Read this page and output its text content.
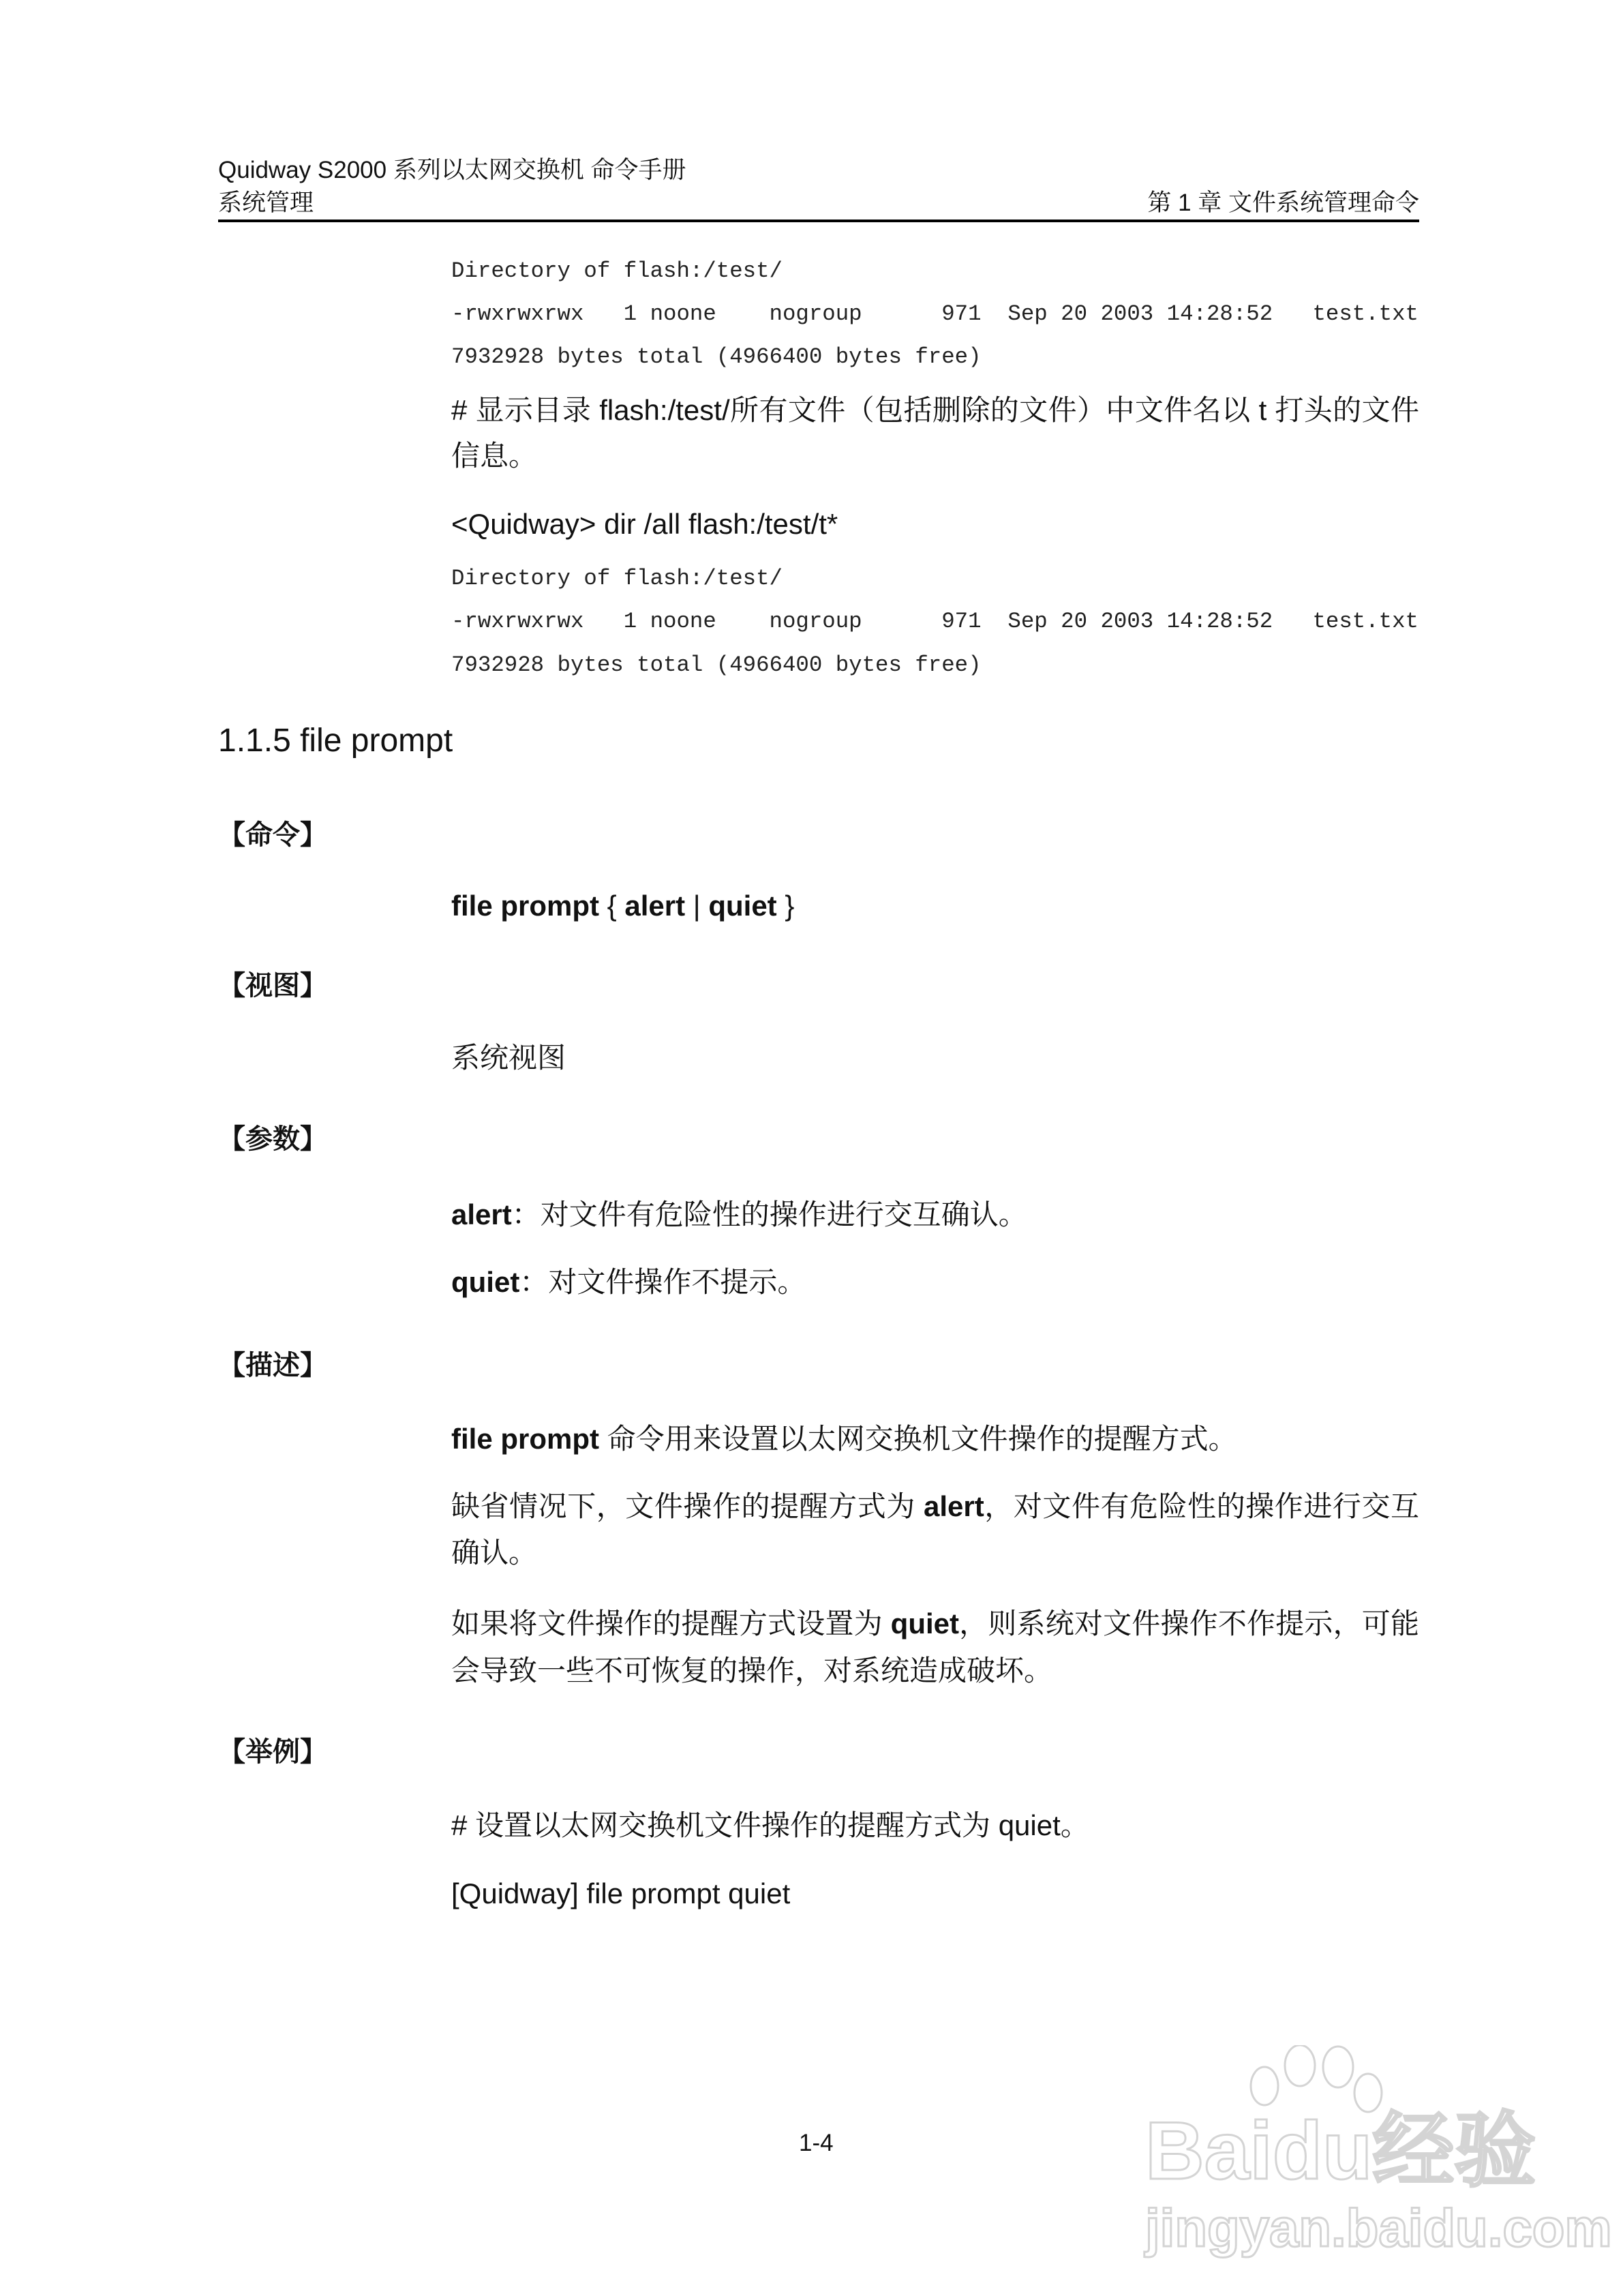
Quidway S2000 系列以太网交换机 命令手册
系统管理	第 1 章 文件系统管理命令
Directory of flash:/test/
-rwxrwxrwx   1 noone    nogroup      971  Sep 20 2003 14:28:52   test.txt
7932928 bytes total (4966400 bytes free)
# 显示目录 flash:/test/所有文件（包括删除的文件）中文件名以 t 打头的文件
信息。
<Quidway> dir /all flash:/test/t*
Directory of flash:/test/
-rwxrwxrwx   1 noone    nogroup      971  Sep 20 2003 14:28:52   test.txt
7932928 bytes total (4966400 bytes free)
1.1.5 file prompt
【命令】
file prompt { alert | quiet }
【视图】
系统视图
【参数】
alert：对文件有危险性的操作进行交互确认。
quiet：对文件操作不提示。
【描述】
file prompt 命令用来设置以太网交换机文件操作的提醒方式。
缺省情况下，文件操作的提醒方式为 alert，对文件有危险性的操作进行交互
确认。
如果将文件操作的提醒方式设置为 quiet，则系统对文件操作不作提示，可能
会导致一些不可恢复的操作，对系统造成破坏。
【举例】
# 设置以太网交换机文件操作的提醒方式为 quiet。
[Quidway] file prompt quiet
1-4	Baidu经验
jingyan.baidu.com
